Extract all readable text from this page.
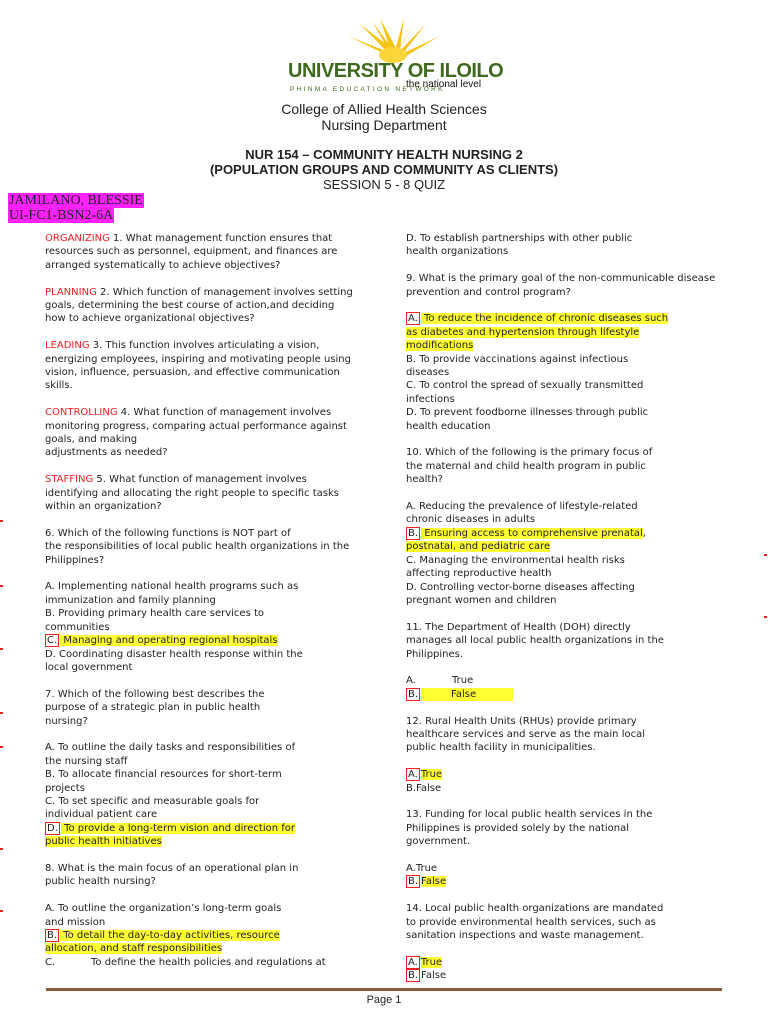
UNIVERSITY OF ILOILO
PHINMA EDUCATION NETWORK
the national level
College of Allied Health Sciences
Nursing Department
NUR 154 – COMMUNITY HEALTH NURSING 2
(POPULATION GROUPS AND COMMUNITY AS CLIENTS)
SESSION 5 - 8 QUIZ
JAMILANO, BLESSIE
UI-FC1-BSN2-6A

ORGANIZING 1. What management function ensures that

resources such as personnel, equipment, and finances are

arranged systematically to achieve objectives?

PLANNING 2. Which function of management involves setting

goals, determining the best course of action,and deciding

how to achieve organizational objectives?

LEADING 3. This function involves articulating a vision,

energizing employees, inspiring and motivating people using

vision, influence, persuasion, and effective communication

skills.

CONTROLLING 4. What function of management involves

monitoring progress, comparing actual performance against

goals, and making

adjustments as needed?

STAFFING 5. What function of management involves

identifying and allocating the right people to specific tasks

within an organization?

6. Which of the following functions is NOT part of

the responsibilities of local public health organizations in the

Philippines?

A. Implementing national health programs such as

immunization and family planning

B. Providing primary health care services to

communities

C. Managing and operating regional hospitals

D. Coordinating disaster health response within the

local government

7. Which of the following best describes the

purpose of a strategic plan in public health

nursing?

A. To outline the daily tasks and responsibilities of

the nursing staff

B. To allocate financial resources for short-term

projects

C. To set specific and measurable goals for

individual patient care

D. To provide a long-term vision and direction for

public health initiatives

8. What is the main focus of an operational plan in

public health nursing?

A. To outline the organization’s long-term goals

and mission

B. To detail the day-to-day activities, resource

allocation, and staff responsibilities

C.	To define the health policies and regulations at

D. To establish partnerships with other public

health organizations

9. What is the primary goal of the non-communicable disease

prevention and control program?

A. To reduce the incidence of chronic diseases such

as diabetes and hypertension through lifestyle

modifications

B. To provide vaccinations against infectious

diseases

C. To control the spread of sexually transmitted

infections

D. To prevent foodborne illnesses through public

health education

10. Which of the following is the primary focus of

the maternal and child health program in public

health?

A. Reducing the prevalence of lifestyle-related

chronic diseases in adults

B. Ensuring access to comprehensive prenatal,

postnatal, and pediatric care

C. Managing the environmental health risks

affecting reproductive health

D. Controlling vector-borne diseases affecting

pregnant women and children

11. The Department of Health (DOH) directly

manages all local public health organizations in the

Philippines.

A.	True

B.	False

12. Rural Health Units (RHUs) provide primary

healthcare services and serve as the main local

public health facility in municipalities.

A. True

B.False

13. Funding for local public health services in the

Philippines is provided solely by the national

government.

A.True

B. False

14. Local public health organizations are mandated

to provide environmental health services, such as

sanitation inspections and waste management.

A. True

B. False

Page 1
